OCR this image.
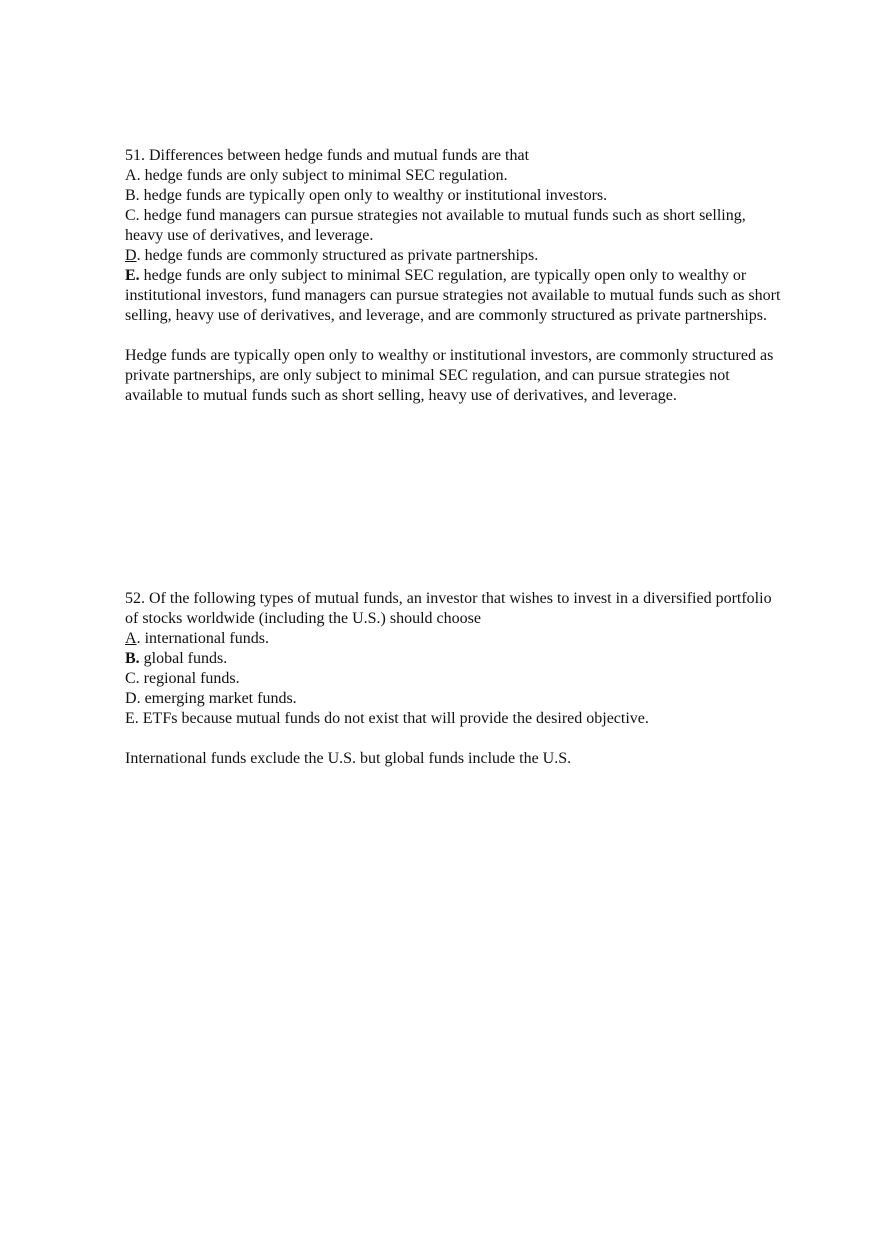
51. Differences between hedge funds and mutual funds are that
A. hedge funds are only subject to minimal SEC regulation.
B. hedge funds are typically open only to wealthy or institutional investors.
C. hedge fund managers can pursue strategies not available to mutual funds such as short selling, heavy use of derivatives, and leverage.
D. hedge funds are commonly structured as private partnerships.
E. hedge funds are only subject to minimal SEC regulation, are typically open only to wealthy or institutional investors, fund managers can pursue strategies not available to mutual funds such as short selling, heavy use of derivatives, and leverage, and are commonly structured as private partnerships.
Hedge funds are typically open only to wealthy or institutional investors, are commonly structured as private partnerships, are only subject to minimal SEC regulation, and can pursue strategies not available to mutual funds such as short selling, heavy use of derivatives, and leverage.
52. Of the following types of mutual funds, an investor that wishes to invest in a diversified portfolio of stocks worldwide (including the U.S.) should choose
A. international funds.
B. global funds.
C. regional funds.
D. emerging market funds.
E. ETFs because mutual funds do not exist that will provide the desired objective.
International funds exclude the U.S. but global funds include the U.S.
